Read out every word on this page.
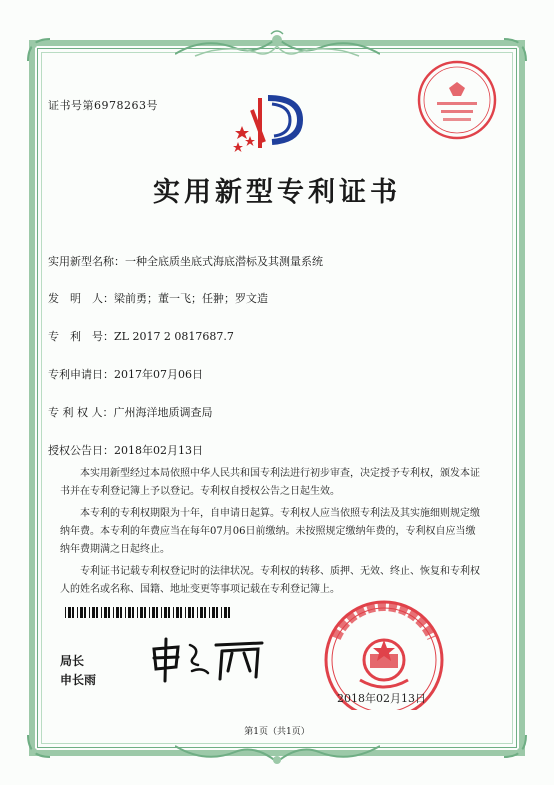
证书号第6978263号
实用新型专利证书
实用新型名称：一种全底质坐底式海底潜标及其测量系统
发　明　人：梁前勇；董一飞；任翀；罗文造
专　利　号：ZL 2017 2 0817687.7
专利申请日：2017年07月06日
专 利 权 人：广州海洋地质调查局
授权公告日：2018年02月13日

本实用新型经过本局依照中华人民共和国专利法进行初步审查，决定授予专利权，颁发本证书并在专利登记簿上予以登记。专利权自授权公告之日起生效。

本专利的专利权期限为十年，自申请日起算。专利权人应当依照专利法及其实施细则规定缴纳年费。本专利的年费应当在每年07月06日前缴纳。未按照规定缴纳年费的，专利权自应当缴纳年费期满之日起终止。

专利证书记载专利权登记时的法律状况。专利权的转移、质押、无效、终止、恢复和专利权人的姓名或名称、国籍、地址变更等事项记载在专利登记簿上。

局长
申长雨
2018年02月13日
第1页（共1页）
